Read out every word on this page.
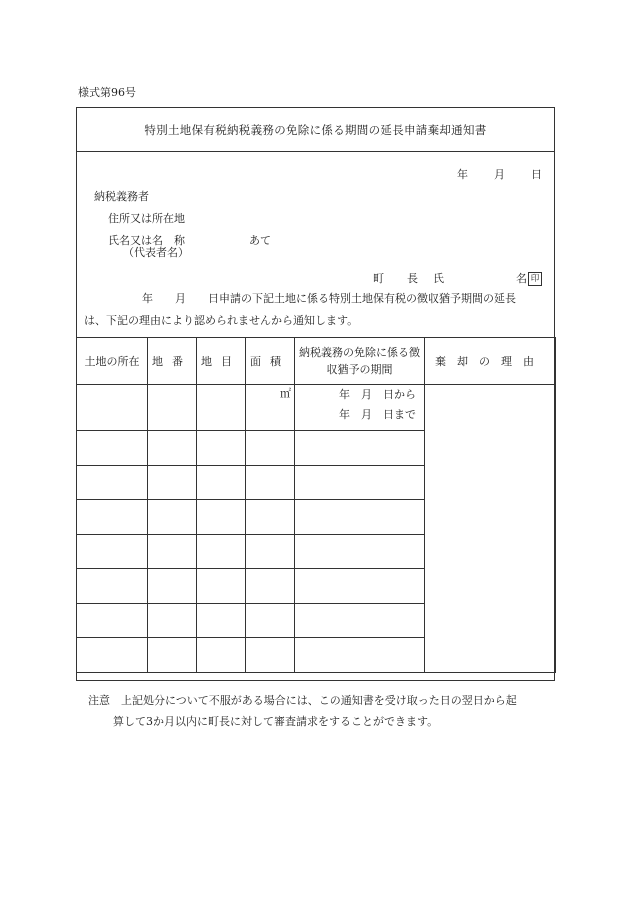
様式第96号
特別土地保有税納税義務の免除に係る期間の延長申請棄却通知書
年 月 日
納税義務者
住所又は所在地
氏名又は名　称	あて
（代表者名）
町 長 氏	名 印
年　　月　　日申請の下記土地に係る特別土地保有税の徴収猶予期間の延長
は、下記の理由により認められませんから通知します。
土地の所在	地番	地目	面積	納税義務の免除に係る徴収猶予の期間	棄却の理由
			㎡	年　月　日から
年　月　日まで	

注意　 上記処分について不服がある場合には、この通知書を受け取った日の翌日から起
算して3か月以内に町長に対して審査請求をすることができます。
